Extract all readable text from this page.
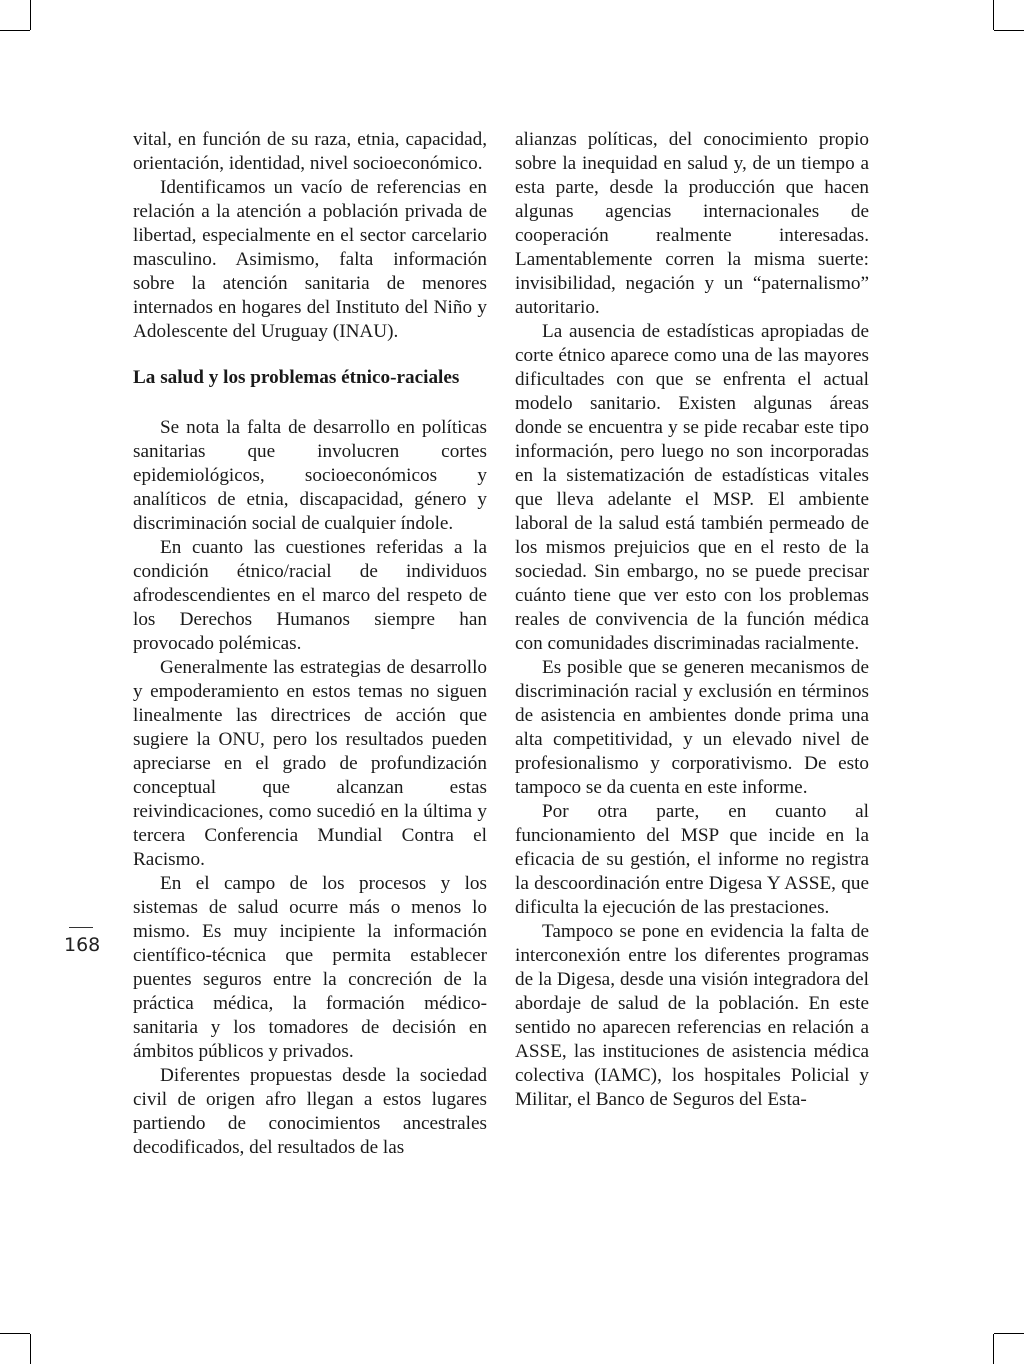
vital, en función de su raza, etnia, capacidad, orientación, identidad, nivel socioeconómico.

Identificamos un vacío de referencias en relación a la atención a población privada de libertad, especialmente en el sector carcelario masculino. Asimismo, falta información sobre la atención sanitaria de menores internados en hogares del Instituto del Niño y Adolescente del Uruguay (INAU).

La salud y los problemas étnico-raciales

Se nota la falta de desarrollo en políticas sanitarias que involucren cortes epidemiológicos, socioeconómicos y analíticos de etnia, discapacidad, género y discriminación social de cualquier índole.

En cuanto las cuestiones referidas a la condición étnico/racial de individuos afrodescendientes en el marco del respeto de los Derechos Humanos siempre han provocado polémicas.

Generalmente las estrategias de desarrollo y empoderamiento en estos temas no siguen linealmente las directrices de acción que sugiere la ONU, pero los resultados pueden apreciarse en el grado de profundización conceptual que alcanzan estas reivindicaciones, como sucedió en la última y tercera Conferencia Mundial Contra el Racismo.

En el campo de los procesos y los sistemas de salud ocurre más o menos lo mismo. Es muy incipiente la información científico-técnica que permita establecer puentes seguros entre la concreción de la práctica médica, la formación médico-sanitaria y los tomadores de decisión en ámbitos públicos y privados.

Diferentes propuestas desde la sociedad civil de origen afro llegan a estos lugares partiendo de conocimientos ancestrales decodificados, del resultados de las

alianzas políticas, del conocimiento propio sobre la inequidad en salud y, de un tiempo a esta parte, desde la producción que hacen algunas agencias internacionales de cooperación realmente interesadas. Lamentablemente corren la misma suerte: invisibilidad, negación y un “paternalismo” autoritario.

La ausencia de estadísticas apropiadas de corte étnico aparece como una de las mayores dificultades con que se enfrenta el actual modelo sanitario. Existen algunas áreas donde se encuentra y se pide recabar este tipo información, pero luego no son incorporadas en la sistematización de estadísticas vitales que lleva adelante el MSP. El ambiente laboral de la salud está también permeado de los mismos prejuicios que en el resto de la sociedad. Sin embargo, no se puede precisar cuánto tiene que ver esto con los problemas reales de convivencia de la función médica con comunidades discriminadas racialmente.

Es posible que se generen mecanismos de discriminación racial y exclusión en términos de asistencia en ambientes donde prima una alta competitividad, y un elevado nivel de profesionalismo y corporativismo. De esto tampoco se da cuenta en este informe.

Por otra parte, en cuanto al funcionamiento del MSP que incide en la eficacia de su gestión, el informe no registra la descoordinación entre Digesa Y ASSE, que dificulta la ejecución de las prestaciones.

Tampoco se pone en evidencia la falta de interconexión entre los diferentes programas de la Digesa, desde una visión integradora del abordaje de salud de la población. En este sentido no aparecen referencias en relación a ASSE, las instituciones de asistencia médica colectiva (IAMC), los hospitales Policial y Militar, el Banco de Seguros del Esta-

168
